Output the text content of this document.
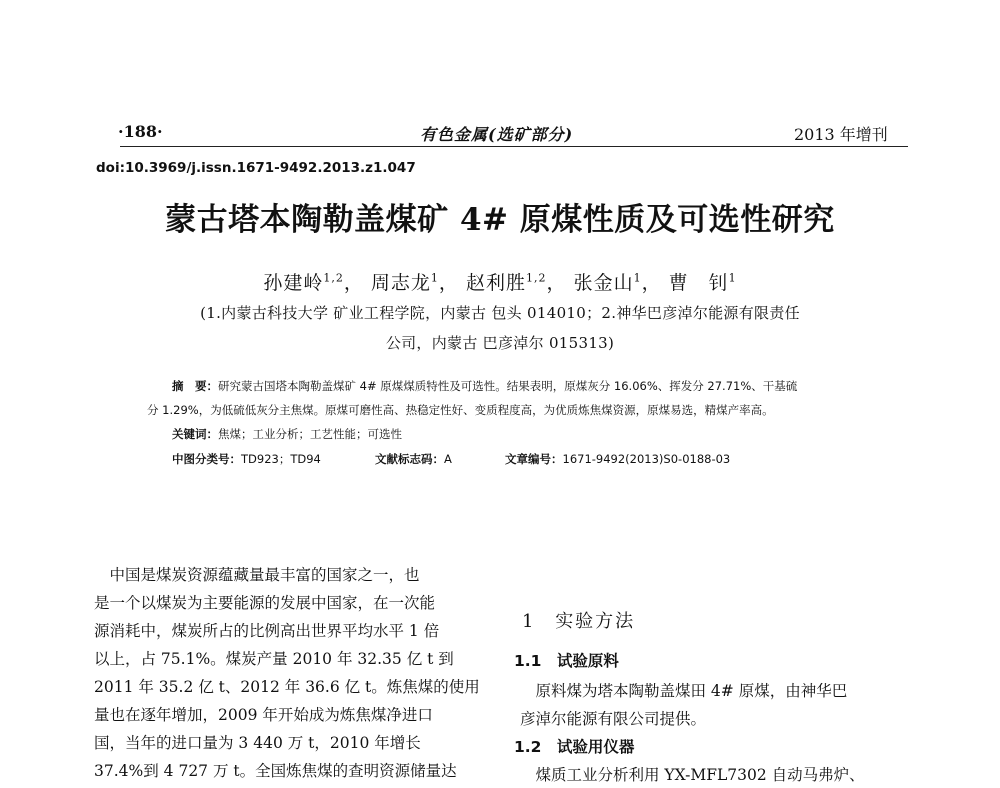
·188·	有色金属(选矿部分)	2013 年增刊
doi:10.3969/j.issn.1671-9492.2013.z1.047
蒙古塔本陶勒盖煤矿 4# 原煤性质及可选性研究
孙建岭$^{1,2}$， 周志龙$^1$， 赵利胜$^{1,2}$， 张金山$^1$， 曹　钊$^1$
(1.内蒙古科技大学 矿业工程学院，内蒙古 包头 014010；2.神华巴彦淖尔能源有限责任
公司，内蒙古 巴彦淖尔 015313)
摘　要：研究蒙古国塔本陶勒盖煤矿 4# 原煤煤质特性及可选性。结果表明，原煤灰分 16.06%、挥发分 27.71%、干基硫
分 1.29%，为低硫低灰分主焦煤。原煤可磨性高、热稳定性好、变质程度高，为优质炼焦煤资源，原煤易选，精煤产率高。
关键词：焦煤；工业分析；工艺性能；可选性
中图分类号：TD923；TD94	文献标志码：A	文章编号：1671-9492(2013)S0-0188-03
　中国是煤炭资源蕴藏量最丰富的国家之一，也
是一个以煤炭为主要能源的发展中国家，在一次能
源消耗中，煤炭所占的比例高出世界平均水平 1 倍
以上，占 75.1%。煤炭产量 2010 年 32.35 亿 t 到
2011 年 35.2 亿 t、2012 年 36.6 亿 t。炼焦煤的使用
量也在逐年增加，2009 年开始成为炼焦煤净进口
国，当年的进口量为 3 440 万 t，2010 年增长
37.4%到 4 727 万 t。全国炼焦煤的查明资源储量达
1 实验方法
1.1 试验原料
　原料煤为塔本陶勒盖煤田 4# 原煤，由神华巴
彦淖尔能源有限公司提供。
1.2 试验用仪器
　煤质工业分析利用 YX-MFL7302 自动马弗炉、
